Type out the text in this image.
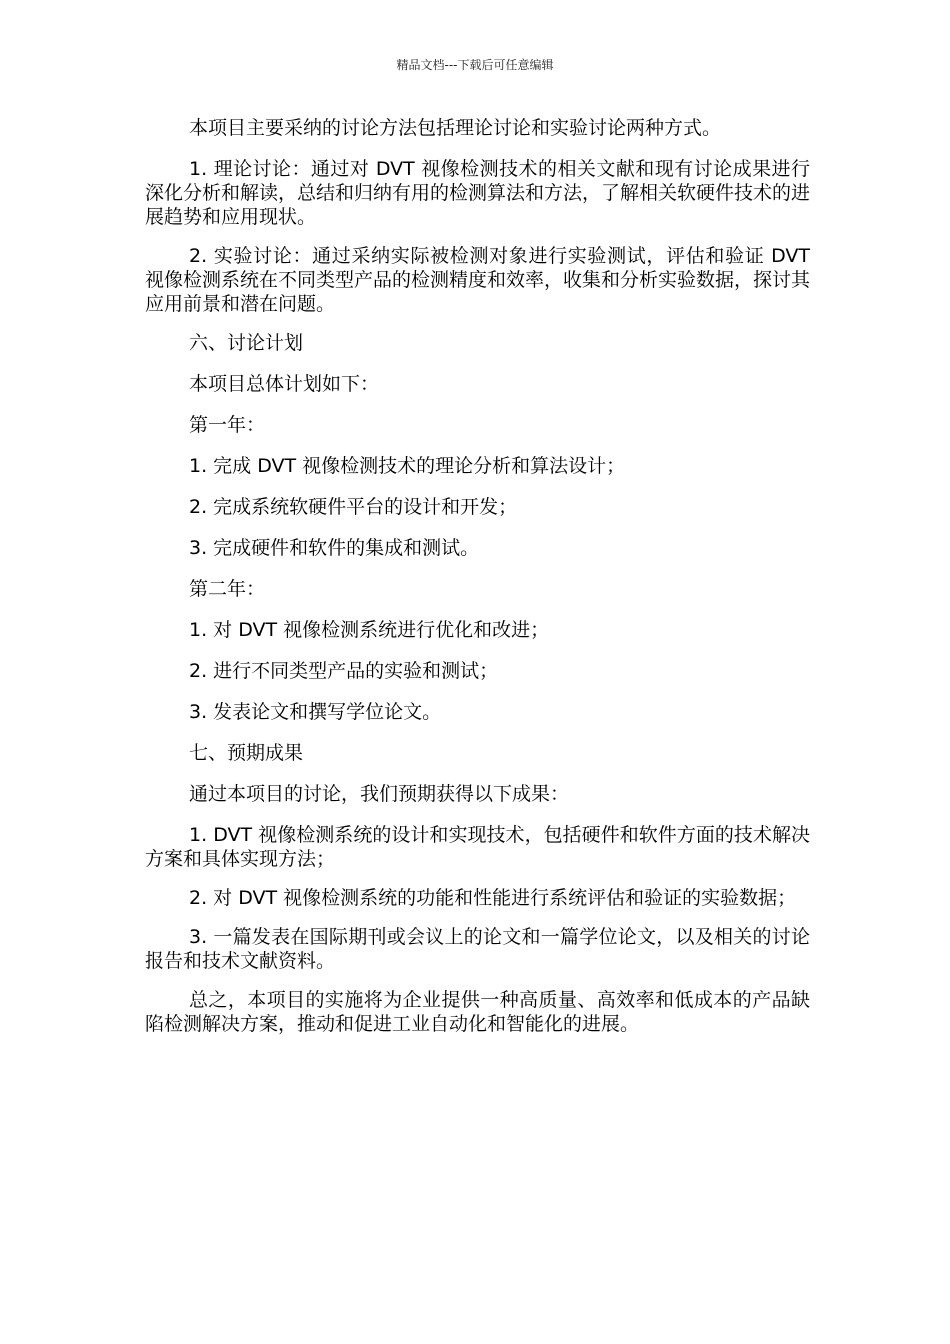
精品文档---下载后可任意编辑

本项目主要采纳的讨论方法包括理论讨论和实验讨论两种方式。

1. 理论讨论：通过对 DVT 视像检测技术的相关文献和现有讨论成果进行深化分析和解读，总结和归纳有用的检测算法和方法，了解相关软硬件技术的进展趋势和应用现状。

2. 实验讨论：通过采纳实际被检测对象进行实验测试，评估和验证 DVT 视像检测系统在不同类型产品的检测精度和效率，收集和分析实验数据，探讨其应用前景和潜在问题。

六、讨论计划

本项目总体计划如下：

第一年：

1. 完成 DVT 视像检测技术的理论分析和算法设计；

2. 完成系统软硬件平台的设计和开发；

3. 完成硬件和软件的集成和测试。

第二年：

1. 对 DVT 视像检测系统进行优化和改进；

2. 进行不同类型产品的实验和测试；

3. 发表论文和撰写学位论文。

七、预期成果

通过本项目的讨论，我们预期获得以下成果：

1. DVT 视像检测系统的设计和实现技术，包括硬件和软件方面的技术解决方案和具体实现方法；

2. 对 DVT 视像检测系统的功能和性能进行系统评估和验证的实验数据；

3. 一篇发表在国际期刊或会议上的论文和一篇学位论文，以及相关的讨论报告和技术文献资料。

总之，本项目的实施将为企业提供一种高质量、高效率和低成本的产品缺陷检测解决方案，推动和促进工业自动化和智能化的进展。
